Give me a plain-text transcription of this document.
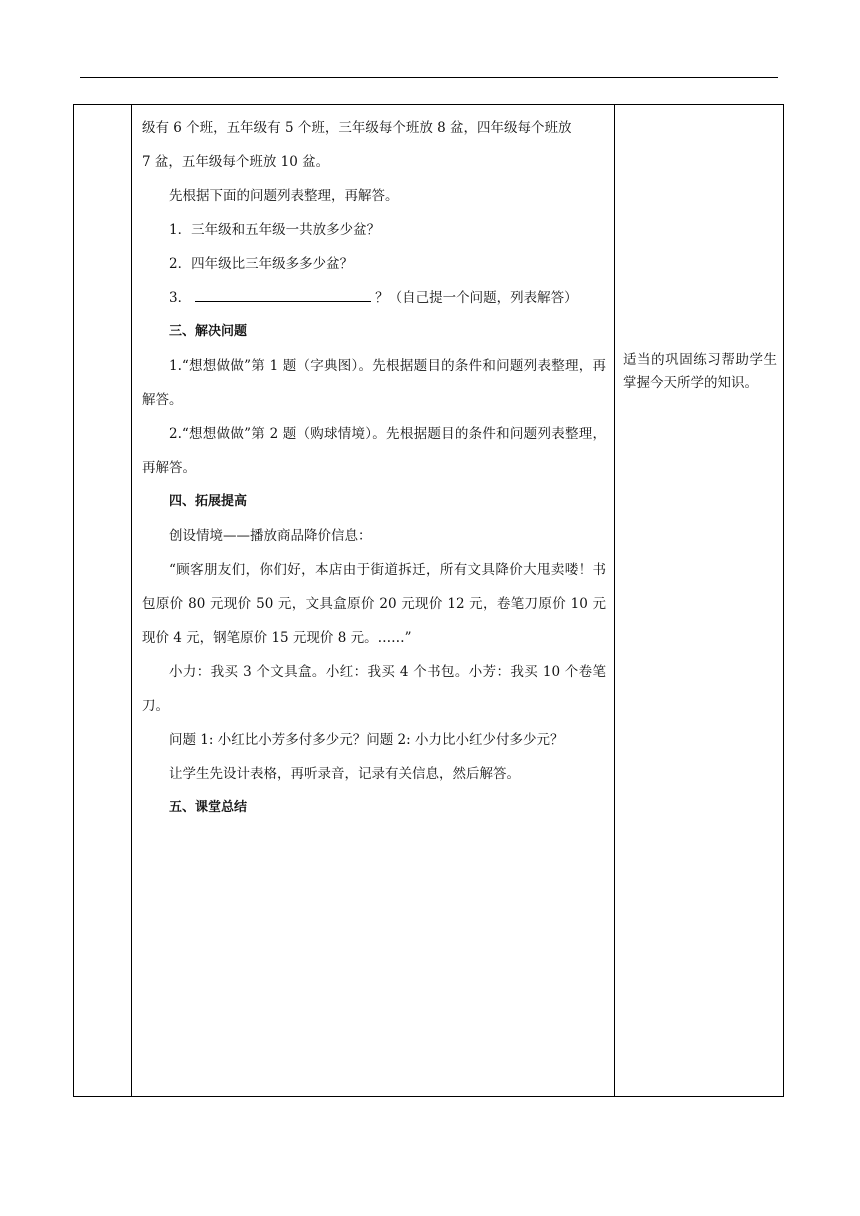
级有 6 个班，五年级有 5 个班，三年级每个班放 8 盆，四年级每个班放

7 盆，五年级每个班放 10 盆。

先根据下面的问题列表整理，再解答。

1．三年级和五年级一共放多少盆？

2．四年级比三年级多多少盆？

3．	？（自己提一个问题，列表解答）

三、解决问题

1.“想想做做”第 1 题（字典图）。先根据题目的条件和问题列表整理，再解答。

2.“想想做做”第 2 题（购球情境）。先根据题目的条件和问题列表整理，再解答。

四、拓展提高

创设情境——播放商品降价信息：

“顾客朋友们，你们好，本店由于街道拆迁，所有文具降价大甩卖喽！书包原价 80 元现价 50 元，文具盒原价 20 元现价 12 元，卷笔刀原价 10 元现价 4 元，钢笔原价 15 元现价 8 元。……”

小力：我买 3 个文具盒。小红：我买 4 个书包。小芳：我买 10 个卷笔刀。

问题 1: 小红比小芳多付多少元？问题 2: 小力比小红少付多少元？

让学生先设计表格，再听录音，记录有关信息，然后解答。

五、课堂总结

适当的巩固练习帮助学生掌握今天所学的知识。
